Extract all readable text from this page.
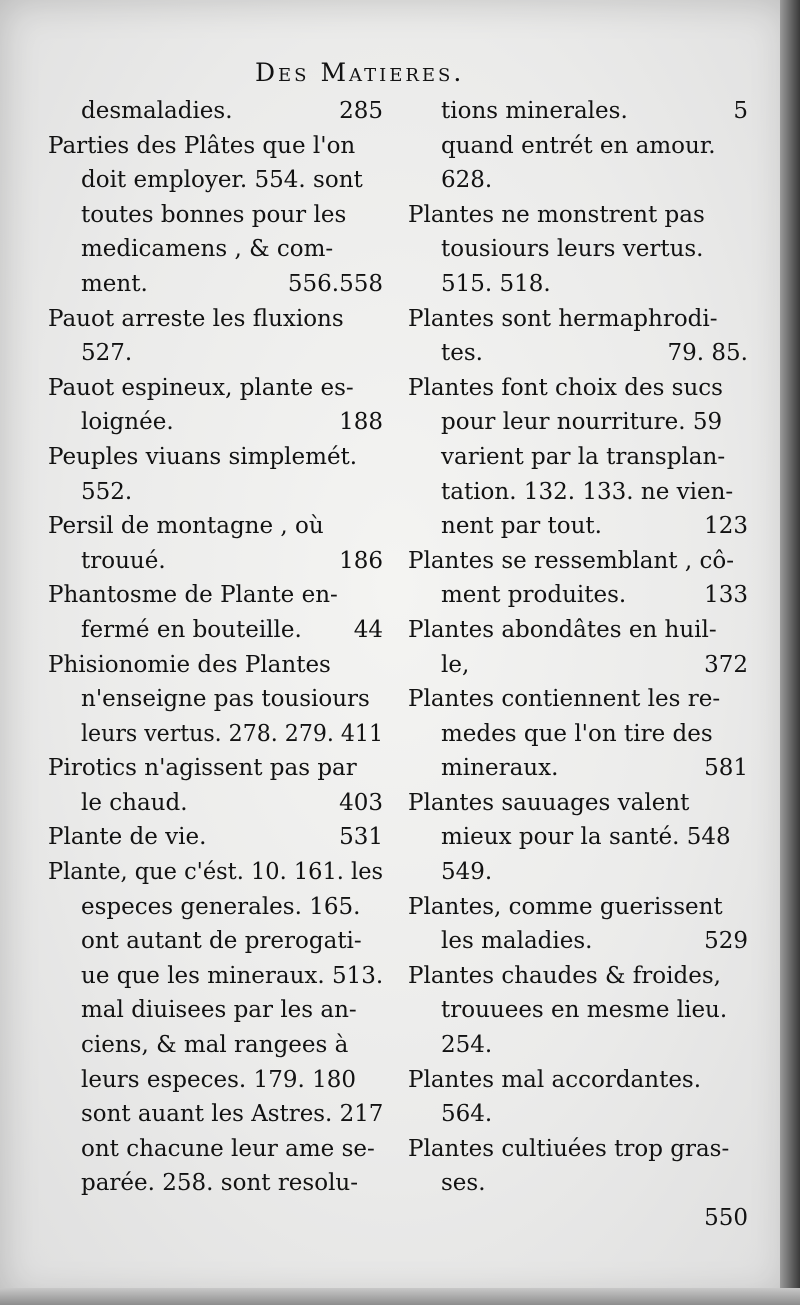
Des Matieres.
desmaladies.	285
Parties des Plâtes que l'on
doit employer. 554. sont
toutes bonnes pour les
medicamens , & com-
ment.	556.558
Pauot arreste les fluxions
527.
Pauot espineux, plante es-
loignée.	188
Peuples viuans simplemét.
552.
Persil de montagne , où
trouué.	186
Phantosme de Plante en-
fermé en bouteille. 44
Phisionomie des Plantes
n'enseigne pas tousiours
leurs vertus. 278. 279. 411
Pirotics n'agissent pas par
le chaud.	403
Plante de vie.	531
Plante, que c'ést. 10. 161. les
especes generales. 165.
ont autant de prerogati-
ue que les mineraux. 513.
mal diuisees par les an-
ciens, & mal rangees à
leurs especes. 179. 180
sont auant les Astres. 217
ont chacune leur ame se-
parée. 258. sont resolu-
tions minerales.	5
quand entrét en amour.
628.
Plantes ne monstrent pas
tousiours leurs vertus.
515. 518.
Plantes sont hermaphrodi-
tes.	79. 85.
Plantes font choix des sucs
pour leur nourriture. 59
varient par la transplan-
tation. 132. 133. ne vien-
nent par tout.	123
Plantes se ressemblant , cô-
ment produites.	133
Plantes abondâtes en huil-
le,	372
Plantes contiennent les re-
medes que l'on tire des
mineraux.	581
Plantes sauuages valent
mieux pour la santé. 548
549.
Plantes, comme guerissent
les maladies.	529
Plantes chaudes & froides,
trouuees en mesme lieu.
254.
Plantes mal accordantes.
564.
Plantes cultiuées trop gras-
ses.
550
